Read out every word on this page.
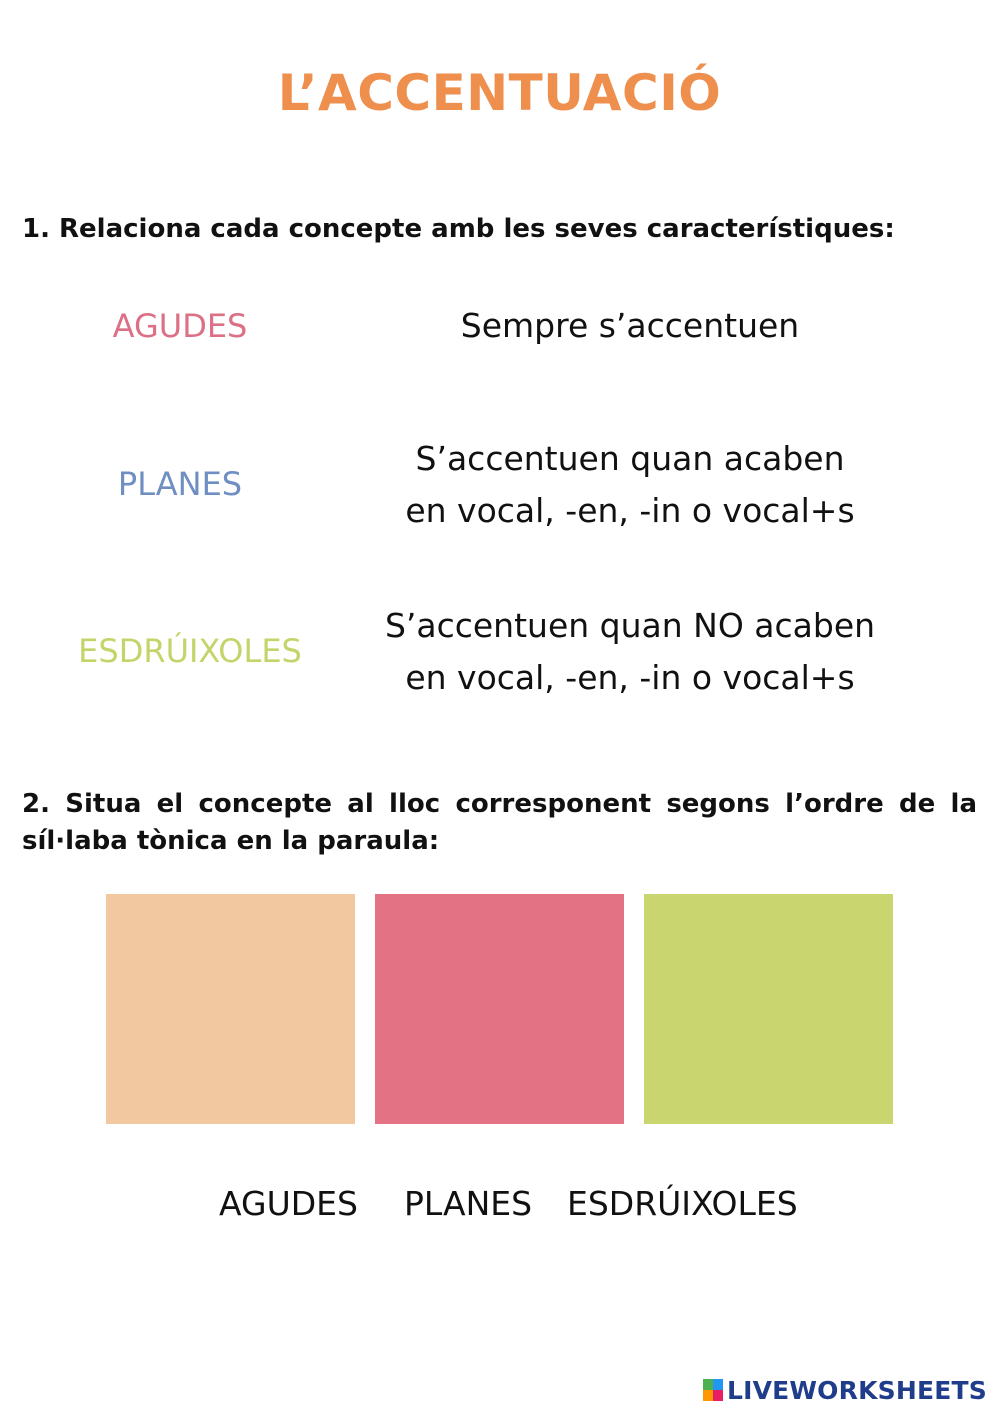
L’ACCENTUACIÓ
1. Relaciona cada concepte amb les seves característiques:
AGUDES
PLANES
ESDRÚIXOLES
Sempre s’accentuen
S’accentuen quan acaben
en vocal, -en, -in o vocal+s
S’accentuen quan NO acaben
en vocal, -en, -in o vocal+s
2. Situa el concepte al lloc corresponent segons l’ordre de la síl·laba tònica en la paraula:
AGUDES PLANES ESDRÚIXOLES
LIVEWORKSHEETS
